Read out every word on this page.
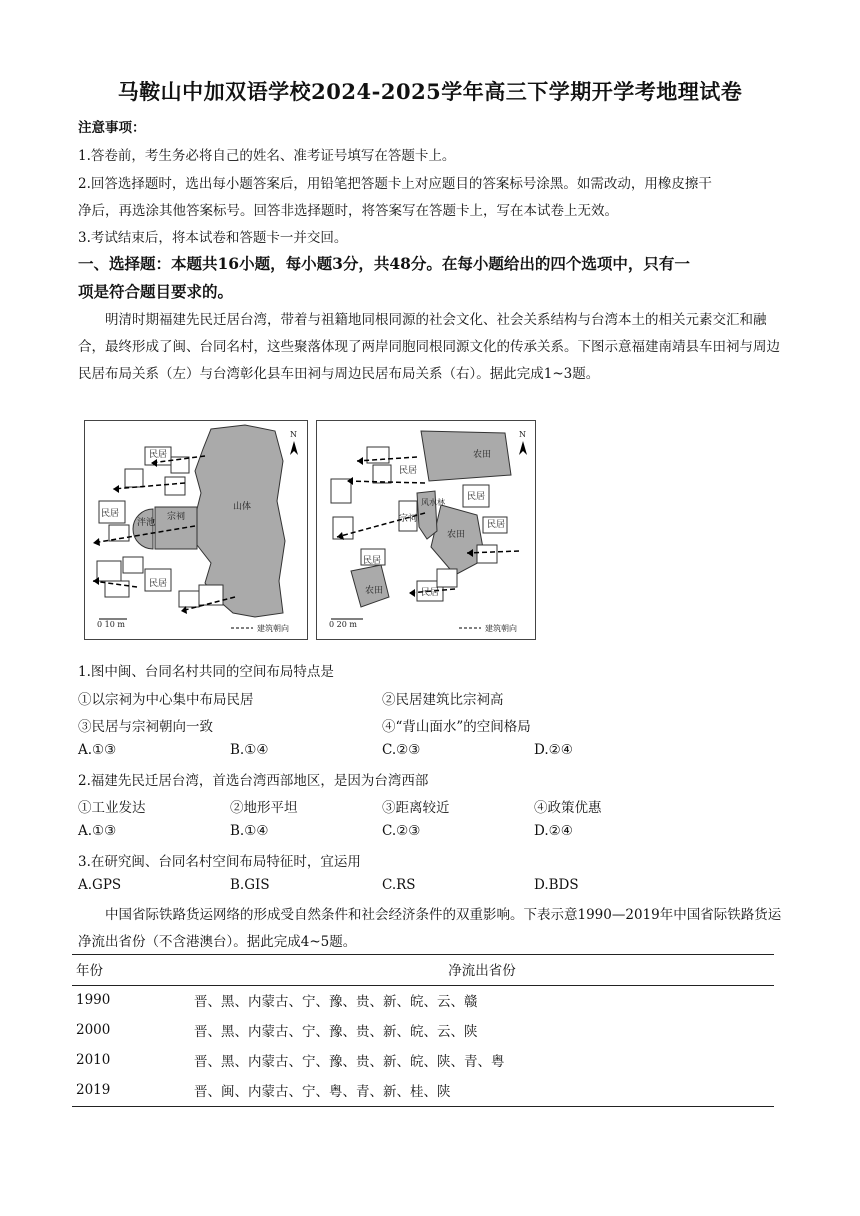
马鞍山中加双语学校2024-2025学年高三下学期开学考地理试卷
注意事项：
1.答卷前，考生务必将自己的姓名、准考证号填写在答题卡上。
2.回答选择题时，选出每小题答案后，用铅笔把答题卡上对应题目的答案标号涂黑。如需改动，用橡皮擦干
净后，再选涂其他答案标号。回答非选择题时，将答案写在答题卡上，写在本试卷上无效。
3.考试结束后，将本试卷和答题卡一并交回。
一、选择题：本题共16小题，每小题3分，共48分。在每小题给出的四个选项中，只有一
项是符合题目要求的。
明清时期福建先民迁居台湾，带着与祖籍地同根同源的社会文化、社会关系结构与台湾本土的相关元素交汇和融合，最终形成了闽、台同名村，这些聚落体现了两岸同胞同根同源文化的传承关系。下图示意福建南靖县车田祠与周边民居布局关系（左）与台湾彰化县车田祠与周边民居布局关系（右）。据此完成1~3题。
民居
民居
民居
泮池
宗祠
山体
N
0 10 m	建筑朝向
农田
农田
农田
民居
民居
民居
民居
民居
宗祠
风水林
N
0 20 m	建筑朝向
1.图中闽、台同名村共同的空间布局特点是
①以宗祠为中心集中布局民居	②民居建筑比宗祠高
③民居与宗祠朝向一致	④“背山面水”的空间格局
A.①③	B.①④	C.②③	D.②④
2.福建先民迁居台湾，首选台湾西部地区，是因为台湾西部
①工业发达	②地形平坦	③距离较近	④政策优惠
A.①③	B.①④	C.②③	D.②④
3.在研究闽、台同名村空间布局特征时，宜运用
A.GPS	B.GIS	C.RS	D.BDS
中国省际铁路货运网络的形成受自然条件和社会经济条件的双重影响。下表示意1990—2019年中国省际铁路货运净流出省份（不含港澳台）。据此完成4~5题。
年份	净流出省份
1990	晋、黑、内蒙古、宁、豫、贵、新、皖、云、赣
2000	晋、黑、内蒙古、宁、豫、贵、新、皖、云、陕
2010	晋、黑、内蒙古、宁、豫、贵、新、皖、陕、青、粤
2019	晋、闽、内蒙古、宁、粤、青、新、桂、陕
